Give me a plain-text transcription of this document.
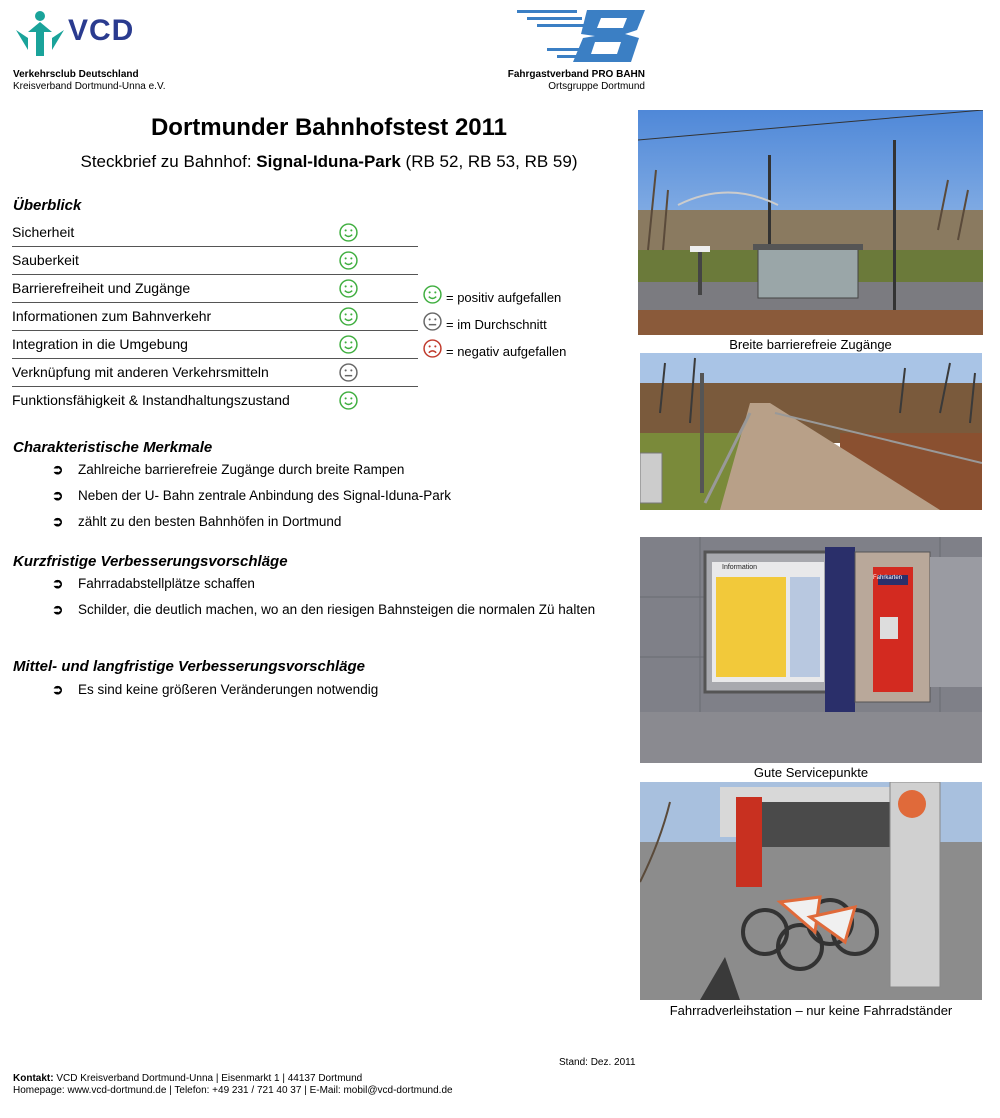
VCD
Verkehrsclub Deutschland
Kreisverband Dortmund-Unna e.V.
Fahrgastverband PRO BAHN
Ortsgruppe Dortmund
Dortmunder Bahnhofstest 2011
Steckbrief zu Bahnhof: Signal-Iduna-Park (RB 52, RB 53, RB 59)
Überblick
Sicherheit
Sauberkeit
Barrierefreiheit und Zugänge
Informationen zum Bahnverkehr
Integration in die Umgebung
Verknüpfung mit anderen Verkehrsmitteln
Funktionsfähigkeit & Instandhaltungszustand
= positiv aufgefallen
= im Durchschnitt
= negativ aufgefallen
Charakteristische Merkmale
➲ Zahlreiche barrierefreie Zugänge durch breite Rampen
➲ Neben der U- Bahn zentrale Anbindung des Signal-Iduna-Park
➲ zählt zu den besten Bahnhöfen in Dortmund
Kurzfristige Verbesserungsvorschläge
➲ Fahrradabstellplätze schaffen
➲ Schilder, die deutlich machen, wo an den riesigen Bahnsteigen die normalen Zü halten
Mittel- und langfristige Verbesserungsvorschläge
➲ Es sind keine größeren Veränderungen notwendig
Breite barrierefreie Zugänge
Information
Fahrkarten
Gute Servicepunkte
Fahrradverleihstation – nur keine Fahrradständer
Stand: Dez. 2011
Kontakt: VCD Kreisverband Dortmund-Unna | Eisenmarkt 1 | 44137 Dortmund
Homepage: www.vcd-dortmund.de | Telefon: +49 231 / 721 40 37 | E-Mail: mobil@vcd-dortmund.de
